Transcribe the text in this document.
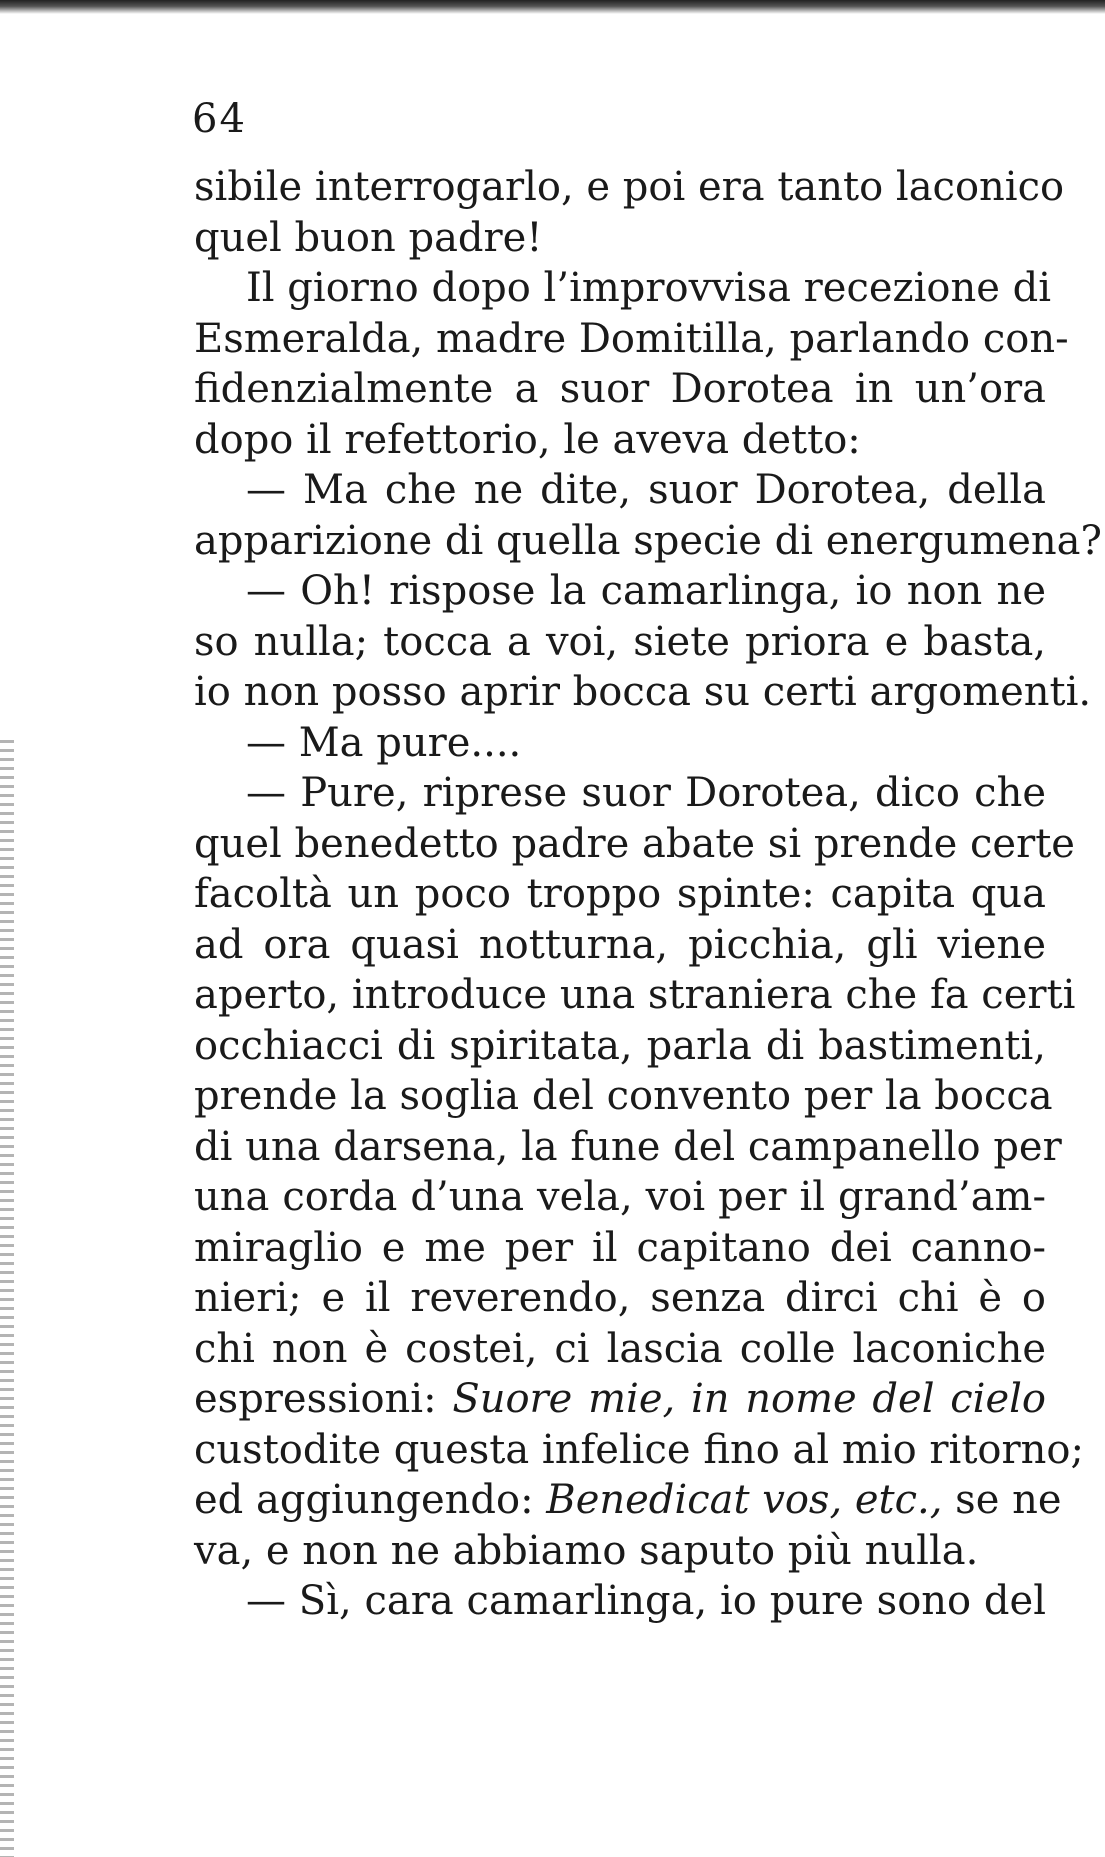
64
sibile interrogarlo, e poi era tanto laconico
quel buon padre!
Il giorno dopo l’improvvisa recezione di
Esmeralda, madre Domitilla, parlando con-
fidenzialmente a suor Dorotea in un’ora
dopo il refettorio, le aveva detto:
— Ma che ne dite, suor Dorotea, della
apparizione di quella specie di energumena?
— Oh! rispose la camarlinga, io non ne
so nulla; tocca a voi, siete priora e basta,
io non posso aprir bocca su certi argomenti.
— Ma pure....
— Pure, riprese suor Dorotea, dico che
quel benedetto padre abate si prende certe
facoltà un poco troppo spinte: capita qua
ad ora quasi notturna, picchia, gli viene
aperto, introduce una straniera che fa certi
occhiacci di spiritata, parla di bastimenti,
prende la soglia del convento per la bocca
di una darsena, la fune del campanello per
una corda d’una vela, voi per il grand’am-
miraglio e me per il capitano dei canno-
nieri; e il reverendo, senza dirci chi è o
chi non è costei, ci lascia colle laconiche
espressioni: Suore mie, in nome del cielo
custodite questa infelice fino al mio ritorno;
ed aggiungendo: Benedicat vos, etc., se ne
va, e non ne abbiamo saputo più nulla.
— Sì, cara camarlinga, io pure sono del
